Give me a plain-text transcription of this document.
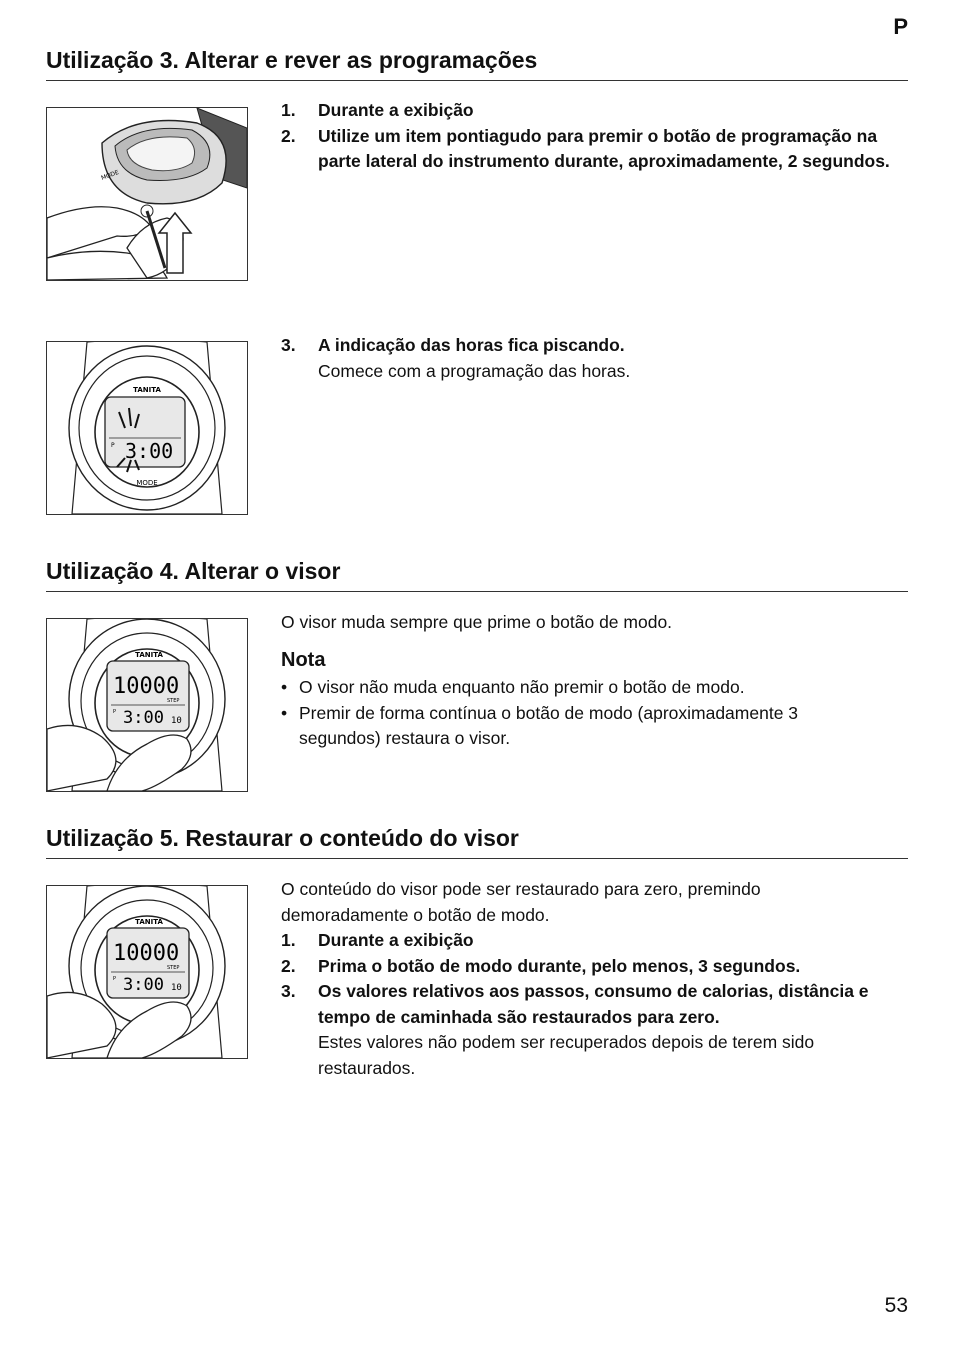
P
Utilização 3. Alterar e rever as programações
MODE
1.	Durante a exibição
2.	Utilize um item pontiagudo para premir o botão de programação na parte lateral do instrumento durante, aproximadamente, 2 segundos.
TANITA
P 3:00
MODE
3.	A indicação das horas fica piscando.
Comece com a programação das horas.
Utilização 4. Alterar o visor
TANITA
10000
STEP
P 3:00 10
O visor muda sempre que prime o botão de modo.
Nota
• O visor não muda enquanto não premir o botão de modo.
• Premir de forma contínua o botão de modo (aproximadamente 3 segundos) restaura o visor.
Utilização 5. Restaurar o conteúdo do visor
TANITA
10000
STEP
P 3:00 10
O conteúdo do visor pode ser restaurado para zero, premindo demoradamente o botão de modo.
1.	Durante a exibição
2.	Prima o botão de modo durante, pelo menos, 3 segundos.
3.	Os valores relativos aos passos, consumo de calorias, distância e tempo de caminhada são restaurados para zero.
Estes valores não podem ser recuperados depois de terem sido restaurados.
53
